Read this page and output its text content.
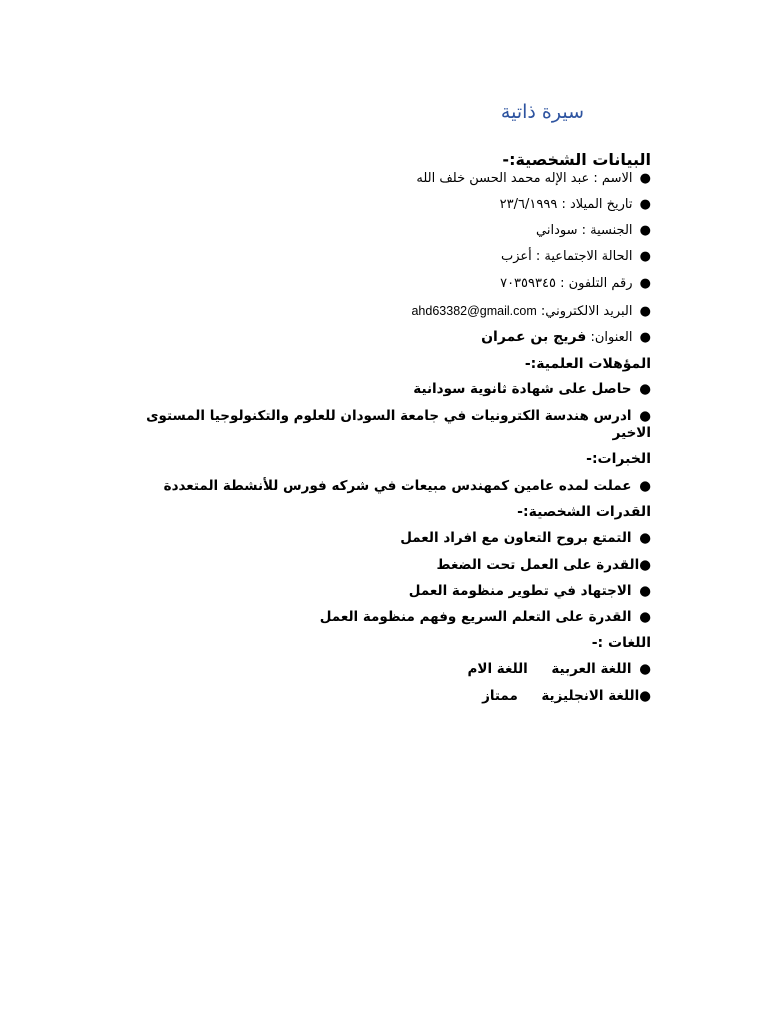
سيرة ذاتية
البيانات الشخصية:-
● الاسم : عبد الإله محمد الحسن خلف الله
● تاريخ الميلاد : ٢٣/٦/١٩٩٩
● الجنسية : سوداني
● الحالة الاجتماعية : أعزب
● رقم التلفون : ٧٠٣٥٩٣٤٥
● البريد الالكتروني: ahd63382@gmail.com
● العنوان: فريج بن عمران
المؤهلات العلمية:-
● حاصل على شهادة ثانوية سودانية
● ادرس هندسة الكترونيات في جامعة السودان للعلوم والتكنولوجيا المستوى الاخير
الخبرات:-
● عملت لمده عامين كمهندس مبيعات في شركه فورس للأنشطة المتعددة
القدرات الشخصية:-
● التمتع بروح التعاون مع افراد العمل
●القدرة على العمل تحت الضغط
● الاجتهاد في تطوير منظومة العمل
● القدرة على التعلم السريع وفهم منظومة العمل
اللغات :-
● اللغة العربية     اللغة الام
●اللغة الانجليزية     ممتاز
